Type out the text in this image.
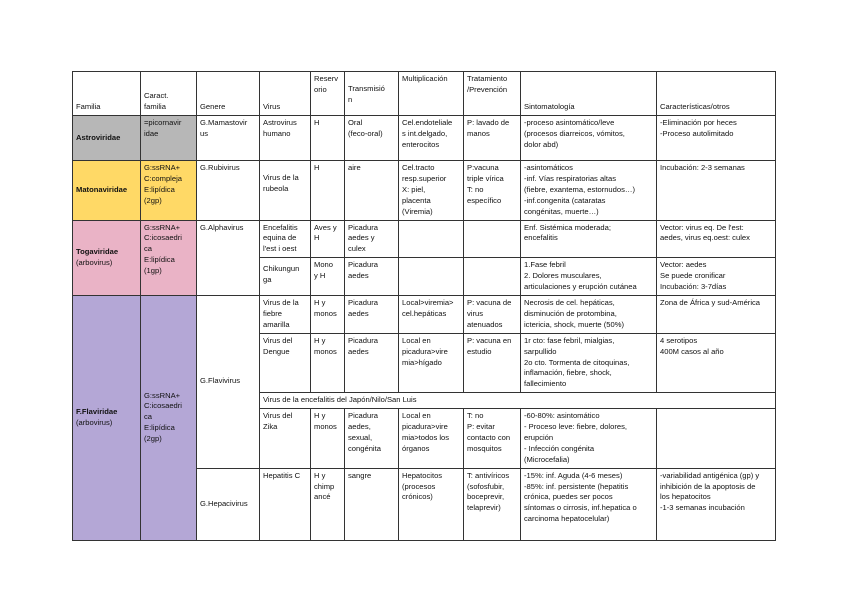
Familia	Caract.
familia	Genere	Virus	Reserv
orio	Transmisió
n	Multiplicación	Tratamiento
/Prevención	Sintomatología	Características/otros
Astroviridae	=picornavir
idae	G.Mamastovir
us	Astrovirus
humano	H	Oral
(feco-oral)	Cel.endoteliale
s int.delgado,
enterocitos	P: lavado de
manos	-proceso asintomático/leve
(procesos diarreicos, vómitos,
dolor abd)	-Eliminación por heces
-Proceso autolimitado
Matonaviridae	G:ssRNA+
C:compleja
E:lipídica
(2gp)	G.Rubivirus	Virus de la
rubeola	H	aire	Cel.tracto
resp.superior
X: piel,
placenta
(Viremia)	P:vacuna
triple vírica
T: no
específico	-asintomáticos
-inf. Vías respiratorias altas
(fiebre, exantema, estornudos…)
-inf.congenita (cataratas
congénitas, muerte…)	Incubación: 2-3 semanas
Togaviridae
(arbovirus)	G:ssRNA+
C:icosaedri
ca
E:lipídica
(1gp)	G.Alphavirus	Encefalitis
equina de
l'est i oest	Aves y
H	Picadura
aedes y
culex			Enf. Sistémica moderada;
encefalitis	Vector: virus eq. De l'est:
aedes, virus eq.oest: culex
			Chikungun
ga	Mono
y H	Picadura
aedes			1.Fase febril
2. Dolores musculares,
articulaciones y erupción cutánea	Vector: aedes
Se puede cronificar
Incubación: 3-7días
F.Flaviridae
(arbovirus)	G:ssRNA+
C:icosaedri
ca
E:lipídica
(2gp)	G.Flavivirus	Virus de la
fiebre
amarilla	H y
monos	Picadura
aedes	Local>viremia>
cel.hepáticas	P: vacuna de
virus
atenuados	Necrosis de cel. hepáticas,
disminución de protombina,
ictericia, shock, muerte (50%)	Zona de África y sud-América
			Virus del
Dengue	H y
monos	Picadura
aedes	Local en
picadura>vire
mia>hígado	P: vacuna en
estudio	1r cto: fase febril, mialgias,
sarpullido
2o cto. Tormenta de citoquinas,
inflamación, fiebre, shock,
fallecimiento	4 serotipos
400M casos al año
			Virus de la encefalitis del Japón/Nilo/San Luis						
			Virus del
Zika	H y
monos	Picadura
aedes,
sexual,
congénita	Local en
picadura>vire
mia>todos los
órganos	T: no
P: evitar
contacto con
mosquitos	-60-80%: asintomático
- Proceso leve: fiebre, dolores,
erupción
- Infección congénita
(Microcefalia)	
		G.Hepacivirus	Hepatitis C	H y
chimp
ancé	sangre	Hepatocitos
(procesos
crónicos)	T: antivíricos
(sofosfubir,
boceprevir,
telaprevir)	-15%: inf. Aguda (4-6 meses)
-85%: inf. persistente (hepatitis
crónica, puedes ser pocos
síntomas o cirrosis, inf.hepatica o
carcinoma hepatocelular)	-variabilidad antigénica (gp) y
inhibición de la apoptosis de
los hepatocitos
-1-3 semanas incubación
